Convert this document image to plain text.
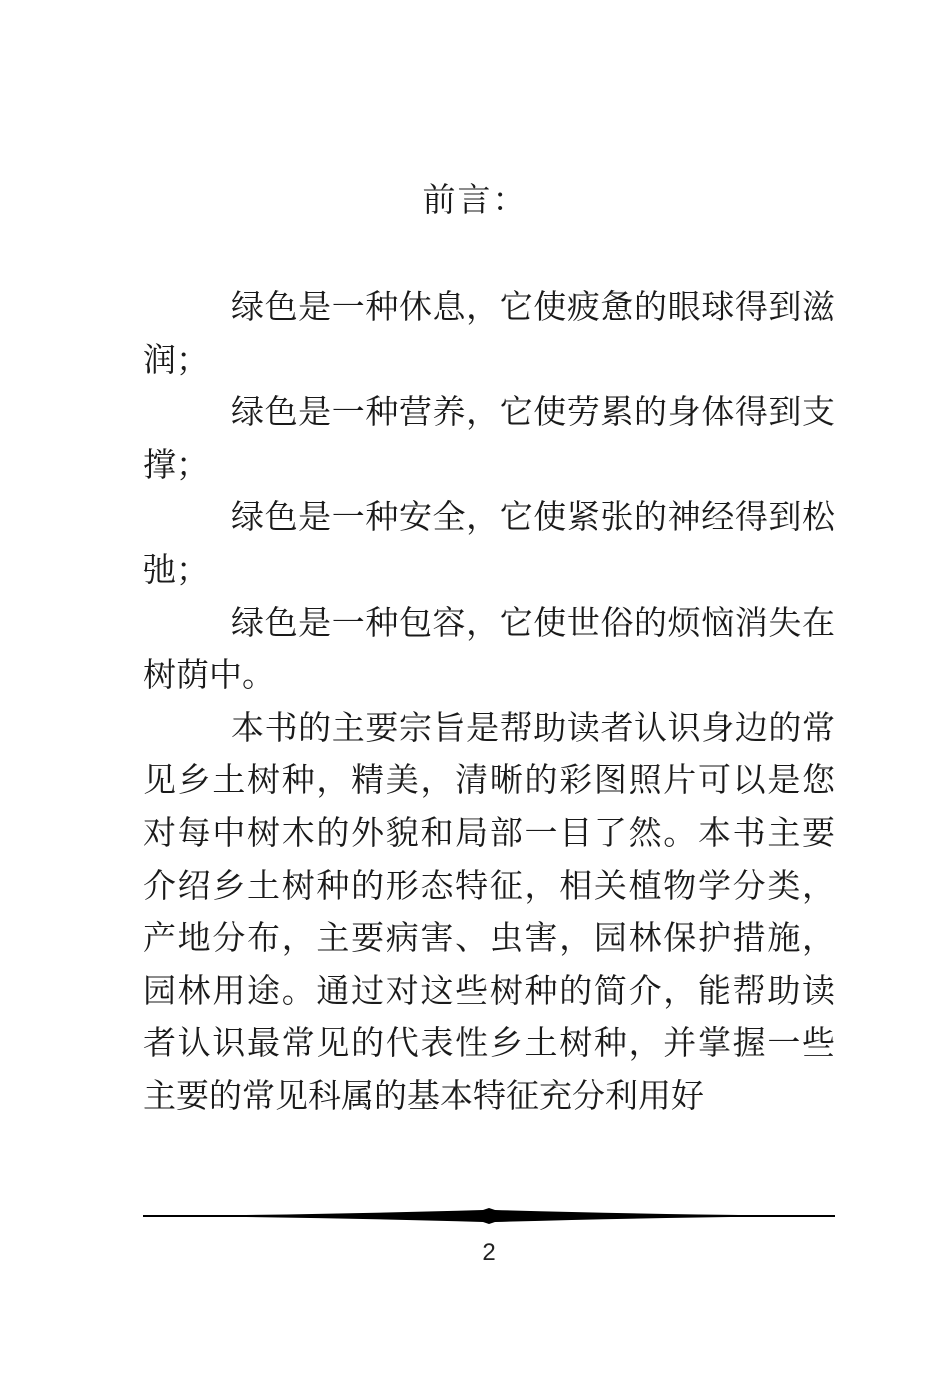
前言：

绿色是一种休息，它使疲惫的眼球得到滋润；

绿色是一种营养，它使劳累的身体得到支撑；

绿色是一种安全，它使紧张的神经得到松弛；

绿色是一种包容，它使世俗的烦恼消失在树荫中。

本书的主要宗旨是帮助读者认识身边的常见乡土树种，精美，清晰的彩图照片可以是您对每中树木的外貌和局部一目了然。本书主要介绍乡土树种的形态特征，相关植物学分类，产地分布，主要病害、虫害，园林保护措施，园林用途。通过对这些树种的简介，能帮助读者认识最常见的代表性乡土树种，并掌握一些主要的常见科属的基本特征充分利用好

2
